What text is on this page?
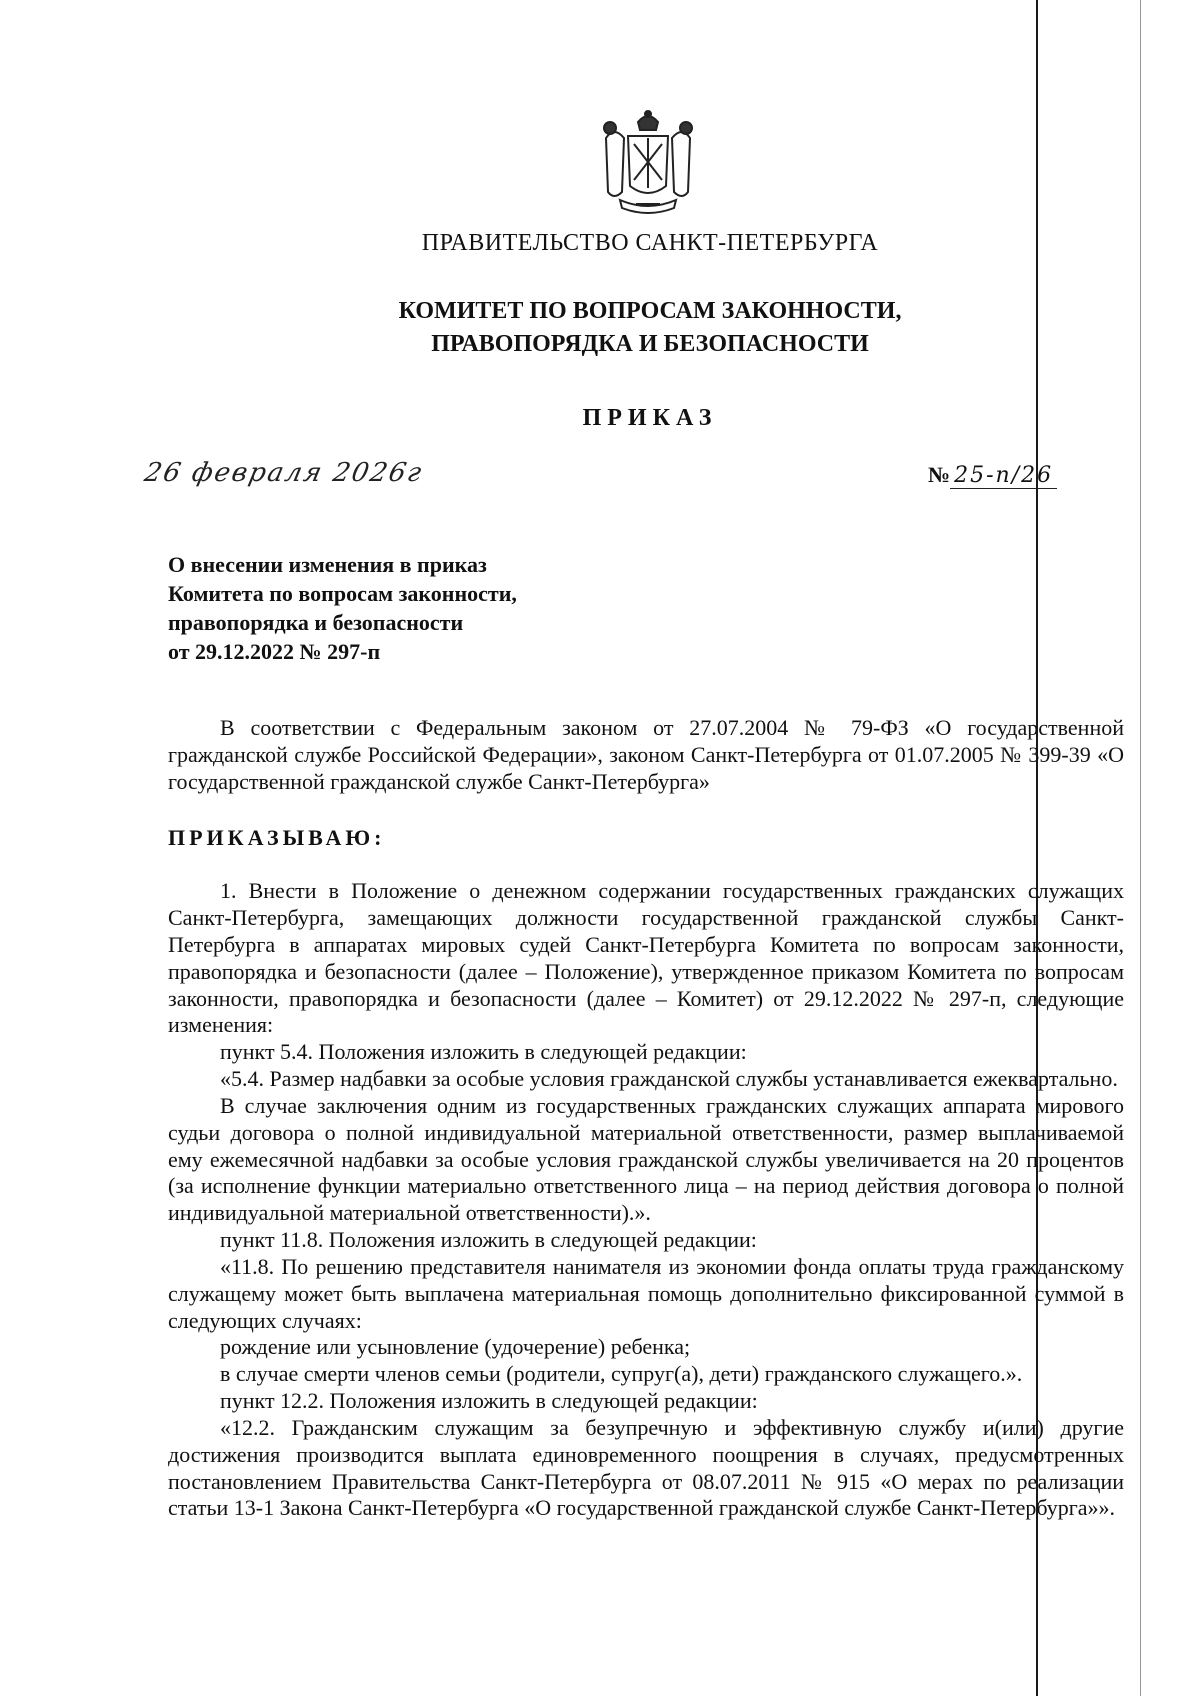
ПРАВИТЕЛЬСТВО САНКТ-ПЕТЕРБУРГА
КОМИТЕТ ПО ВОПРОСАМ ЗАКОННОСТИ,
ПРАВОПОРЯДКА И БЕЗОПАСНОСТИ
ПРИКАЗ
26 февраля 2026г	№ 25-п/26
О внесении изменения в приказ
Комитета по вопросам законности,
правопорядка и безопасности
от 29.12.2022 № 297-п

В соответствии с Федеральным законом от 27.07.2004 № 79-ФЗ «О государственной гражданской службе Российской Федерации», законом Санкт-Петербурга от 01.07.2005 № 399-39 «О государственной гражданской службе Санкт-Петербурга»

ПРИКАЗЫВАЮ:

1. Внести в Положение о денежном содержании государственных гражданских служащих Санкт-Петербурга, замещающих должности государственной гражданской службы Санкт-Петербурга в аппаратах мировых судей Санкт-Петербурга Комитета по вопросам законности, правопорядка и безопасности (далее – Положение), утвержденное приказом Комитета по вопросам законности, правопорядка и безопасности (далее – Комитет) от 29.12.2022 № 297-п, следующие изменения:

пункт 5.4. Положения изложить в следующей редакции:

«5.4. Размер надбавки за особые условия гражданской службы устанавливается ежеквартально.

В случае заключения одним из государственных гражданских служащих аппарата мирового судьи договора о полной индивидуальной материальной ответственности, размер выплачиваемой ему ежемесячной надбавки за особые условия гражданской службы увеличивается на 20 процентов (за исполнение функции материально ответственного лица – на период действия договора о полной индивидуальной материальной ответственности).».

пункт 11.8. Положения изложить в следующей редакции:

«11.8. По решению представителя нанимателя из экономии фонда оплаты труда гражданскому служащему может быть выплачена материальная помощь дополнительно фиксированной суммой в следующих случаях:

рождение или усыновление (удочерение) ребенка;

в случае смерти членов семьи (родители, супруг(а), дети) гражданского служащего.».

пункт 12.2. Положения изложить в следующей редакции:

«12.2. Гражданским служащим за безупречную и эффективную службу и(или) другие достижения производится выплата единовременного поощрения в случаях, предусмотренных постановлением Правительства Санкт-Петербурга от 08.07.2011 № 915 «О мерах по реализации статьи 13-1 Закона Санкт-Петербурга «О государственной гражданской службе Санкт-Петербурга»».
